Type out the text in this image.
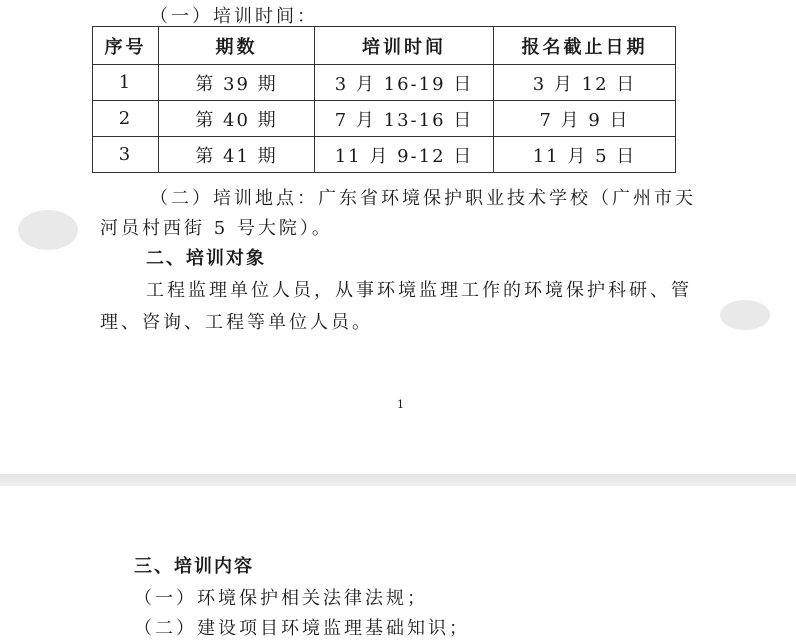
（一）培训时间：
序号	期数	培训时间	报名截止日期
1	第 39 期	3 月 16-19 日	3 月 12 日
2	第 40 期	7 月 13-16 日	7 月 9 日
3	第 41 期	11 月 9-12 日	11 月 5 日
（二）培训地点：广东省环境保护职业技术学校（广州市天
河员村西街 5 号大院）。
二、培训对象
工程监理单位人员，从事环境监理工作的环境保护科研、管
理、咨询、工程等单位人员。
1
三、培训内容
（一）环境保护相关法律法规；
（二）建设项目环境监理基础知识；
